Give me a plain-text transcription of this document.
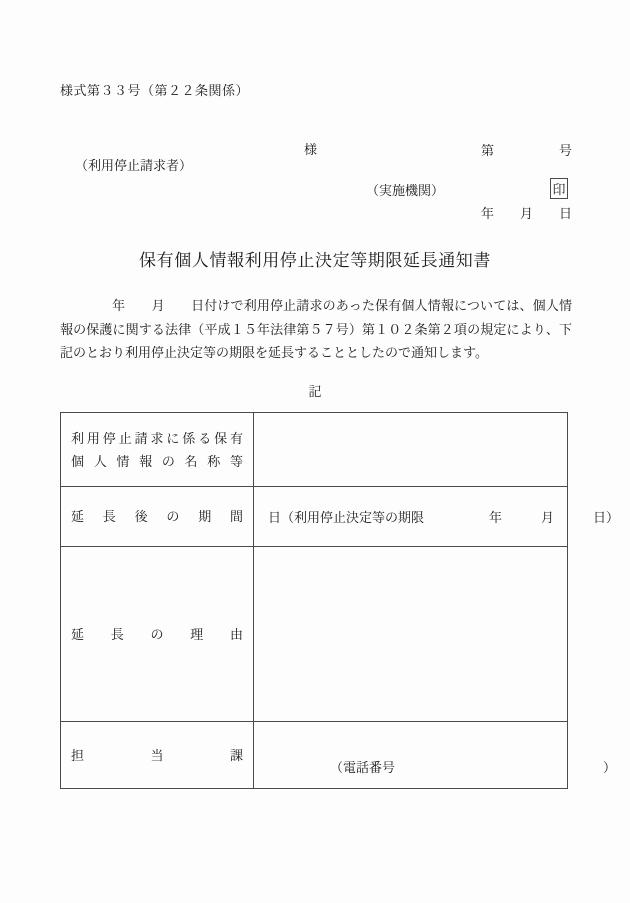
様式第３３号（第２２条関係）

第　　　　　号

年　　月　　日

（利用停止請求者）

様

（実施機関）	印
保有個人情報利用停止決定等期限延長通知書
年　　月　　日付けで利用停止請求のあった保有個人情報については、個人情報の保護に関する法律（平成１５年法律第５７号）第１０２条第２項の規定により、下記のとおり利用停止決定等の期限を延長することとしたので通知します。
記
利用停止請求に係る保有
個人情報の名称等	

延長後の期間	日（利用停止決定等の期限　　　　　年　　　月　　　日）

延長の理由	

担当課	（電話番号　　　　　　　　　　　　　　　　）
